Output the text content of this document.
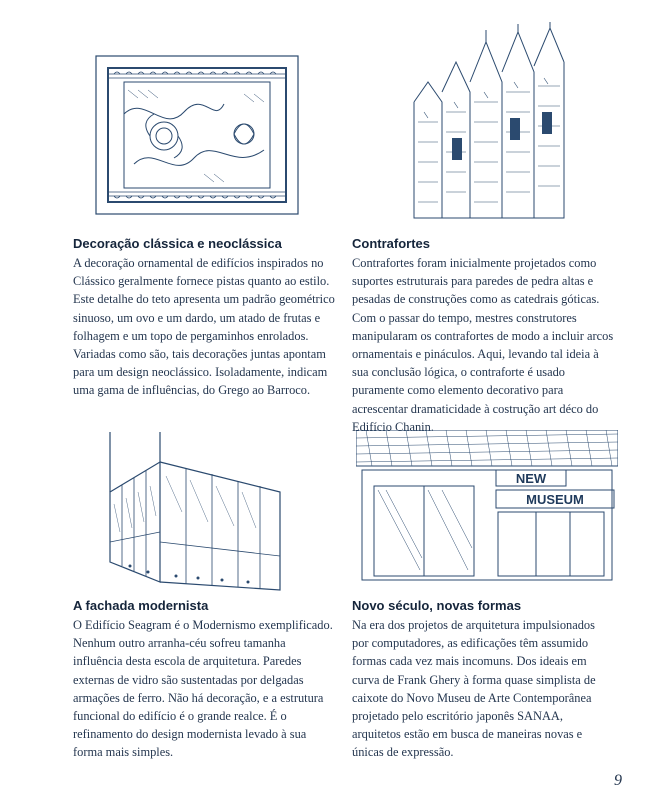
Decoração clássica e neoclássica

A decoração ornamental de edifícios inspirados no Clássico geralmente fornece pistas quanto ao estilo. Este detalhe do teto apresenta um padrão geométrico sinuoso, um ovo e um dardo, um atado de frutas e folhagem e um topo de pergaminhos enrolados. Variadas como são, tais decorações juntas apontam para um design neoclássico. Isoladamente, indicam uma gama de influências, do Grego ao Barroco.

Contrafortes

Contrafortes foram inicialmente projetados como suportes estruturais para paredes de pedra altas e pesadas de construções como as catedrais góticas. Com o passar do tempo, mestres construtores manipularam os contrafortes de modo a incluir arcos ornamentais e pináculos. Aqui, levando tal ideia à sua conclusão lógica, o contraforte é usado puramente como elemento decorativo para acrescentar dramaticidade à costrução art déco do Edifício Chanin.

NEW
MUSEUM
A fachada modernista

O Edifício Seagram é o Modernismo exemplificado. Nenhum outro arranha-céu sofreu tamanha influência desta escola de arquitetura. Paredes externas de vidro são sustentadas por delgadas armações de ferro. Não há decoração, e a estrutura funcional do edifício é o grande realce. É o refinamento do design modernista levado à sua forma mais simples.

Novo século, novas formas

Na era dos projetos de arquitetura impulsionados por computadores, as edificações têm assumido formas cada vez mais incomuns. Dos ideais em curva de Frank Ghery à forma quase simplista de caixote do Novo Museu de Arte Contemporânea projetado pelo escritório japonês SANAA, arquitetos estão em busca de maneiras novas e únicas de expressão.

9
